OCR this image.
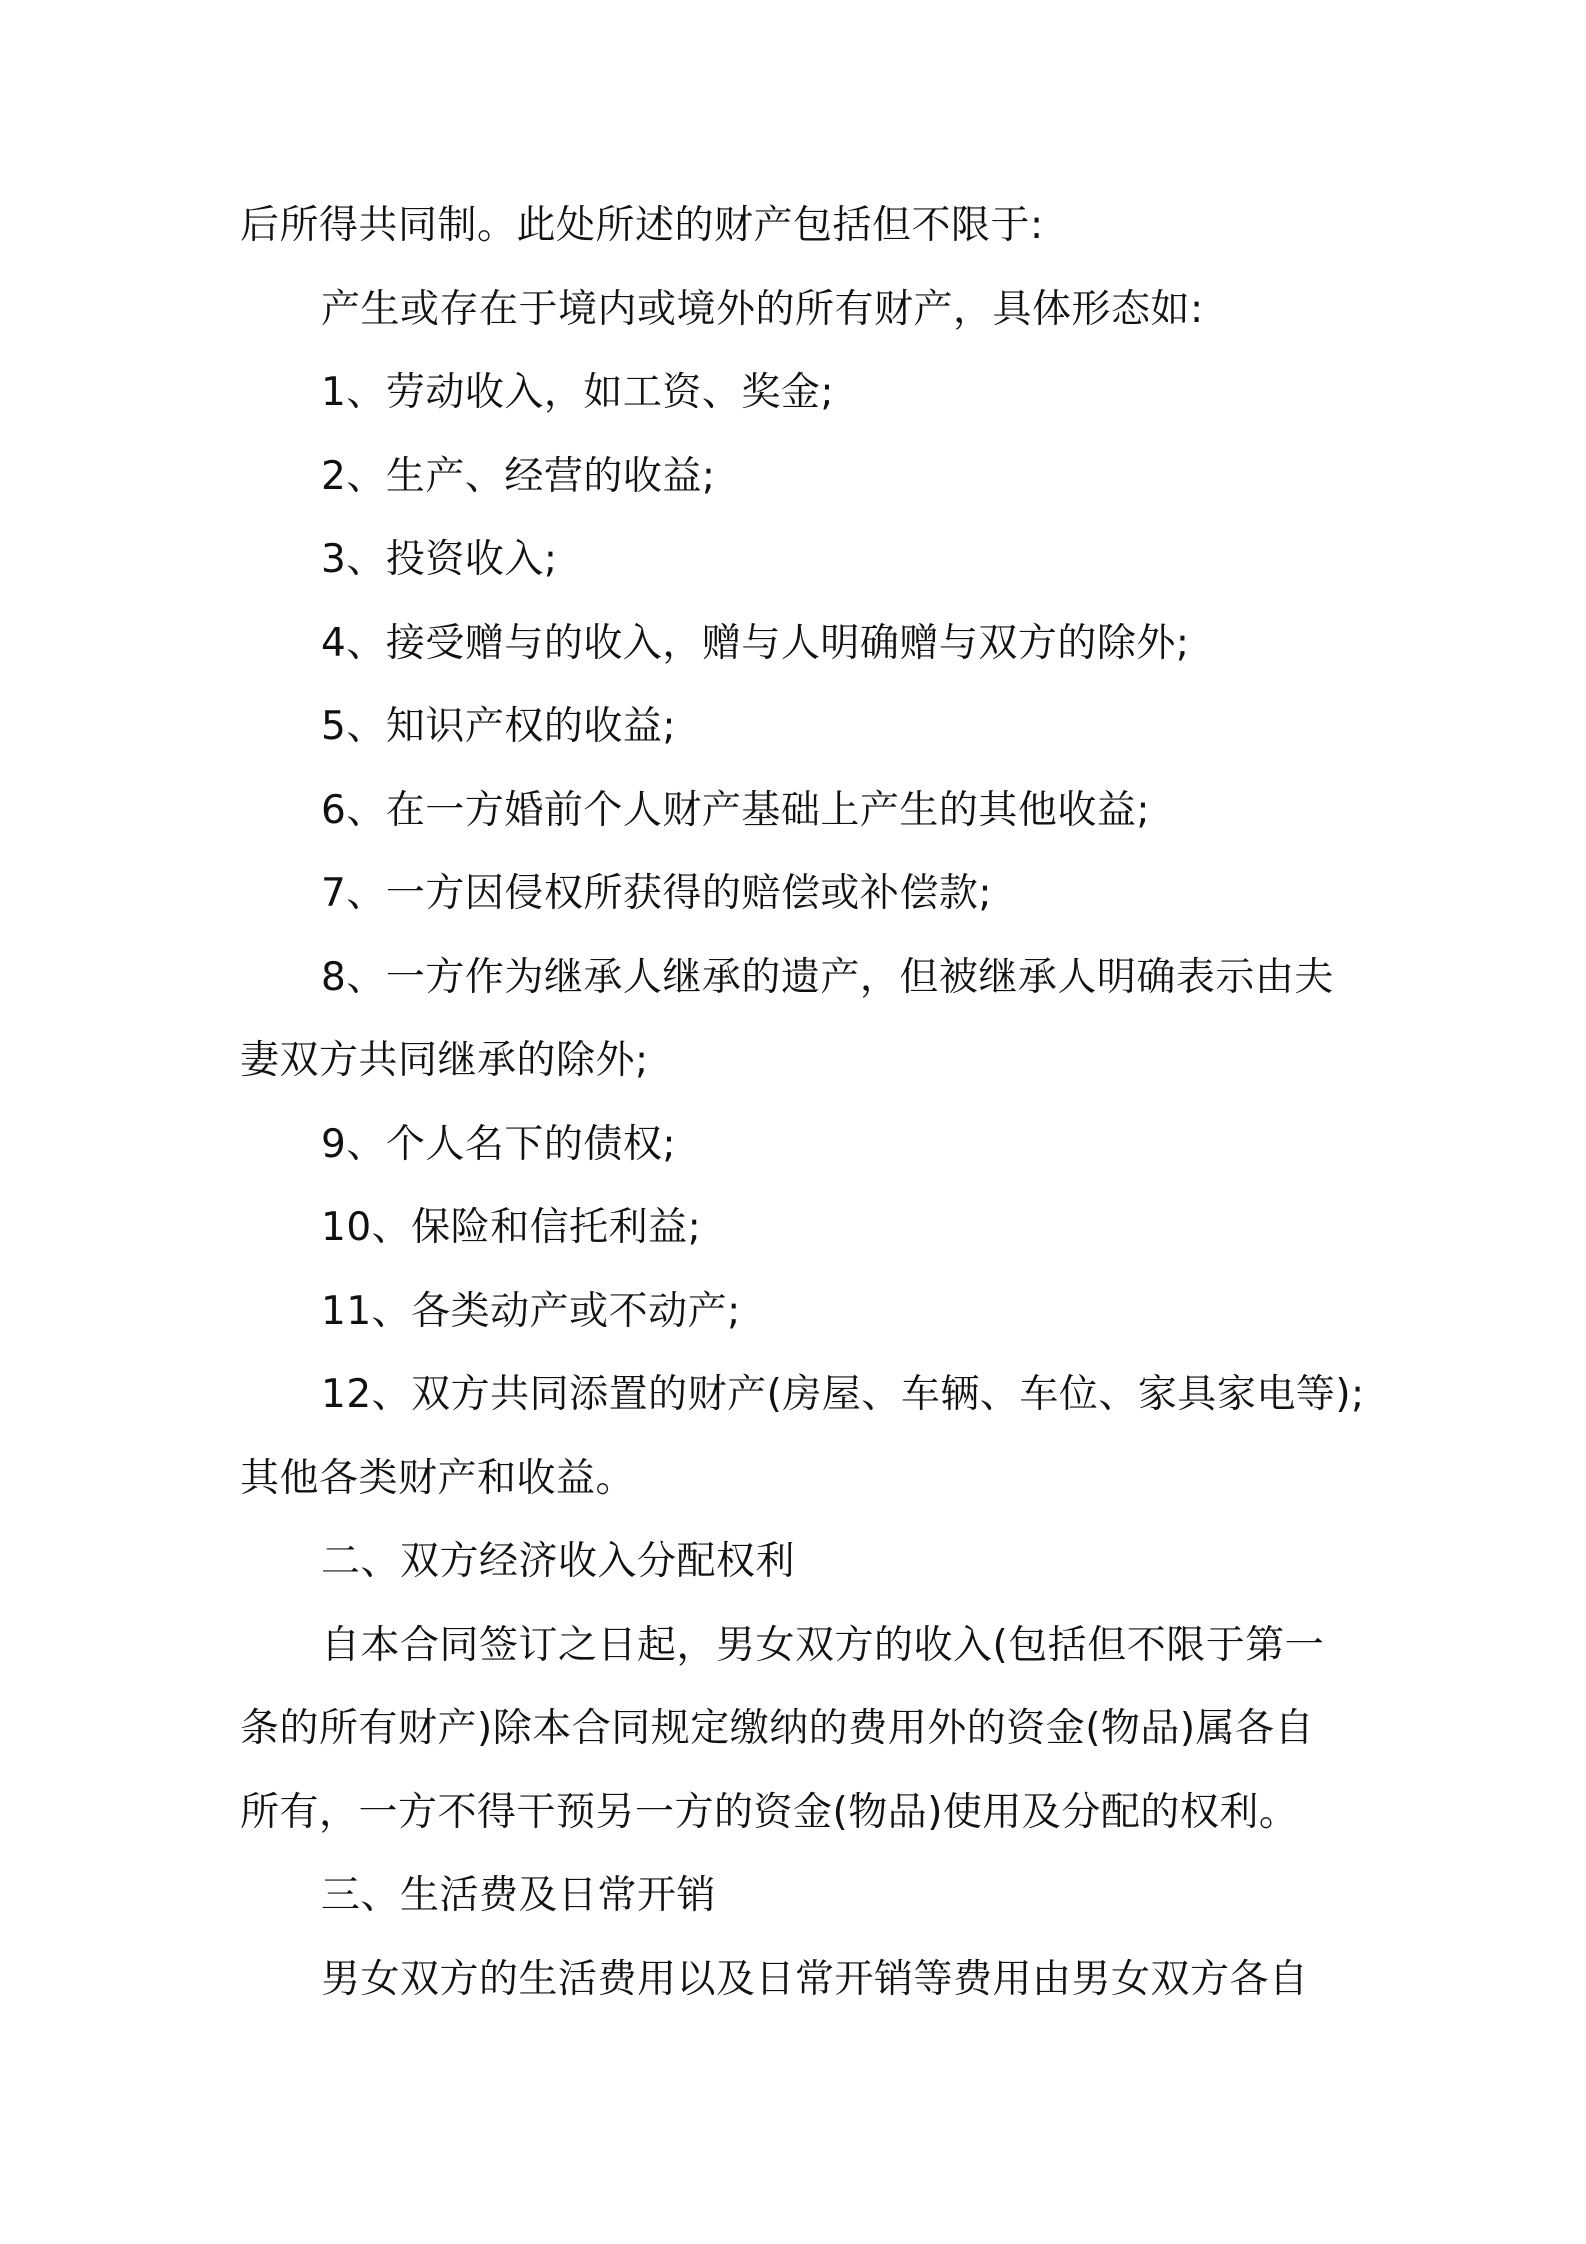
后所得共同制。此处所述的财产包括但不限于:
产生或存在于境内或境外的所有财产，具体形态如:
1、劳动收入，如工资、奖金;
2、生产、经营的收益;
3、投资收入;
4、接受赠与的收入，赠与人明确赠与双方的除外;
5、知识产权的收益;
6、在一方婚前个人财产基础上产生的其他收益;
7、一方因侵权所获得的赔偿或补偿款;
8、一方作为继承人继承的遗产，但被继承人明确表示由夫
妻双方共同继承的除外;
9、个人名下的债权;
10、保险和信托利益;
11、各类动产或不动产;
12、双方共同添置的财产(房屋、车辆、车位、家具家电等);
其他各类财产和收益。
二、双方经济收入分配权利
自本合同签订之日起，男女双方的收入(包括但不限于第一
条的所有财产)除本合同规定缴纳的费用外的资金(物品)属各自
所有，一方不得干预另一方的资金(物品)使用及分配的权利。
三、生活费及日常开销
男女双方的生活费用以及日常开销等费用由男女双方各自
